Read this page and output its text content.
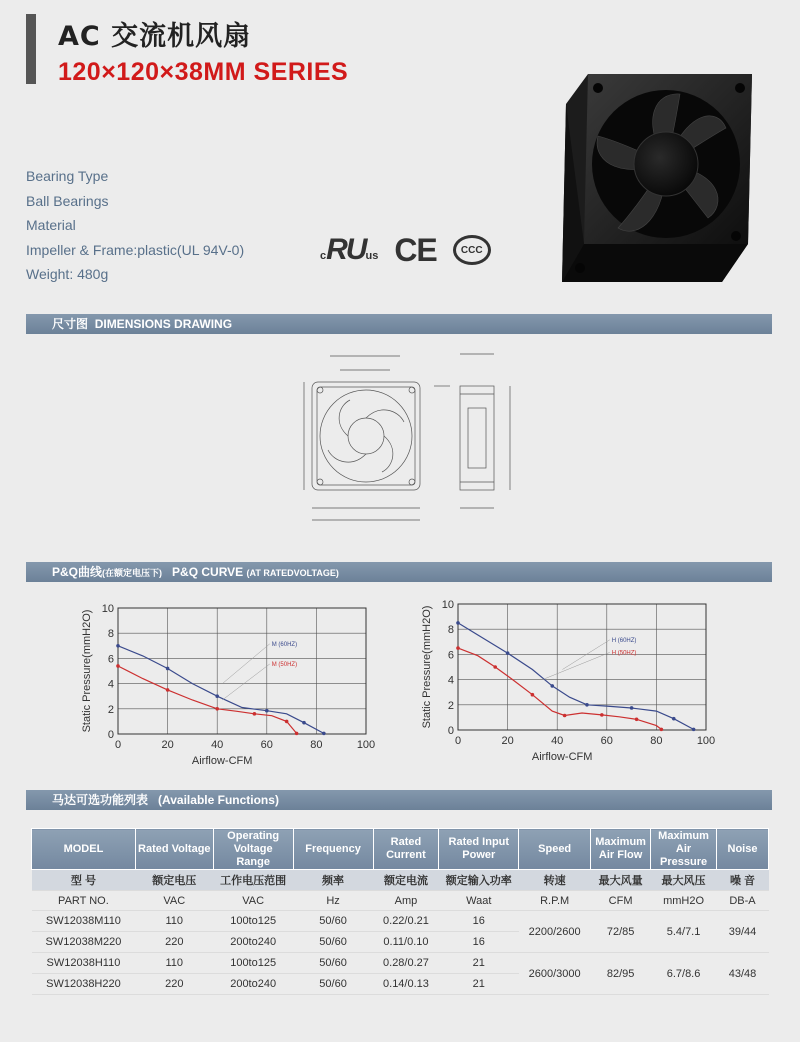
AC 交流机风扇
120×120×38MM SERIES
Bearing Type
Ball Bearings
Material
Impeller & Frame:plastic(UL 94V-0)
Weight: 480g
c RU us CE	CCC
尺寸图 DIMENSIONS DRAWING
P&Q曲线(在额定电压下) P&Q CURVE (AT RATEDVOLTAGE)
0	20	40	60	80	100
0
2
4
6
8
10
Airflow-CFM
Static Pressure(mmH2O)	M (60HZ)
M (50HZ)
0	20	40	60	80	100
0
2
4
6
8
10
Airflow-CFM
Static Pressure(mmH2O)	H (60HZ)
H (50HZ)
马达可选功能列表 (Available Functions)
MODEL	Rated Voltage	Operating Voltage Range	Frequency	Rated Current	Rated Input Power	Speed	Maximum Air Flow	Maximum Air Pressure	Noise
型 号	额定电压	工作电压范围	频率	额定电流	额定输入功率	转速	最大风量	最大风压	噪 音
PART NO.	VAC	VAC	Hz	Amp	Waat	R.P.M	CFM	mmH2O	DB-A
SW12038M110	110	100to125	50/60	0.22/0.21	16	2200/2600	72/85	5.4/7.1	39/44
SW12038M220	220	200to240	50/60	0.11/0.10	16				
SW12038H110	110	100to125	50/60	0.28/0.27	21	2600/3000	82/95	6.7/8.6	43/48
SW12038H220	220	200to240	50/60	0.14/0.13	21				
